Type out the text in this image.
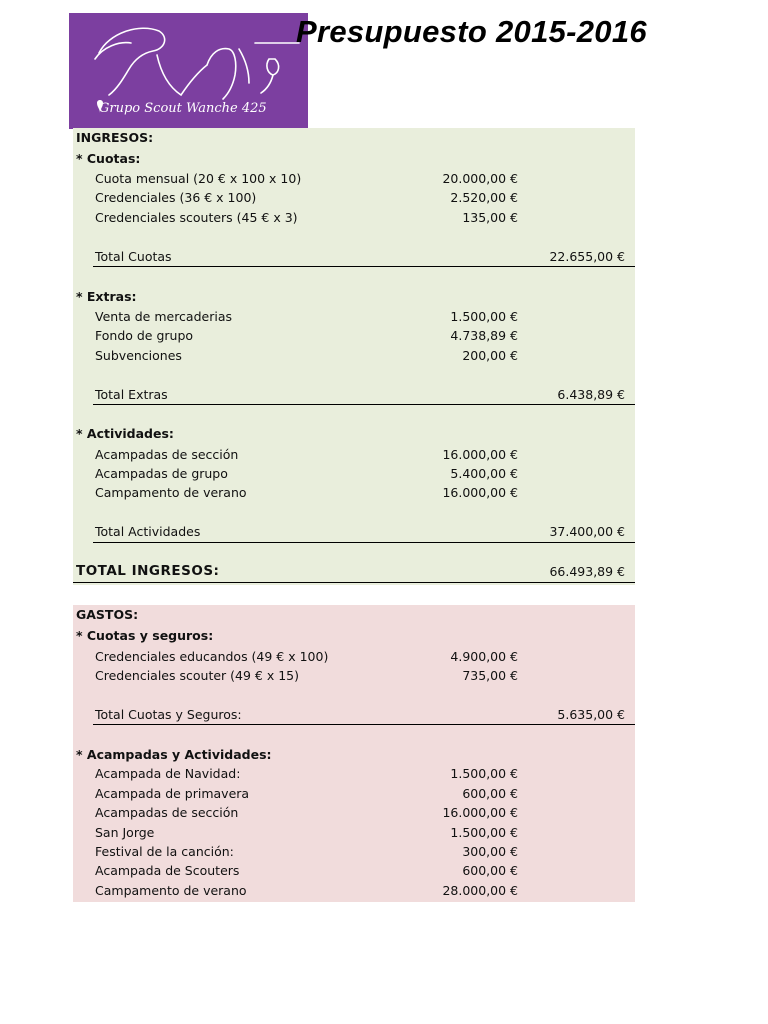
Grupo Scout Wanche 425
Presupuesto 2015-2016
INGRESOS:
* Cuotas:
Cuota mensual (20 € x 100 x 10)	20.000,00 €
Credenciales (36 € x 100)	2.520,00 €
Credenciales scouters (45 € x 3)	135,00 €
Total Cuotas	22.655,00 €
* Extras:
Venta de mercaderias	1.500,00 €
Fondo de grupo	4.738,89 €
Subvenciones	200,00 €
Total Extras	6.438,89 €
* Actividades:
Acampadas de sección	16.000,00 €
Acampadas de grupo	5.400,00 €
Campamento de verano	16.000,00 €
Total Actividades	37.400,00 €
TOTAL INGRESOS:	66.493,89 €
GASTOS:
* Cuotas y seguros:
Credenciales educandos (49 € x 100)	4.900,00 €
Credenciales scouter (49 € x 15)	735,00 €
Total Cuotas y Seguros:	5.635,00 €
* Acampadas y Actividades:
Acampada de Navidad:	1.500,00 €
Acampada de primavera	600,00 €
Acampadas de sección	16.000,00 €
San Jorge	1.500,00 €
Festival de la canción:	300,00 €
Acampada de Scouters	600,00 €
Campamento de verano	28.000,00 €
